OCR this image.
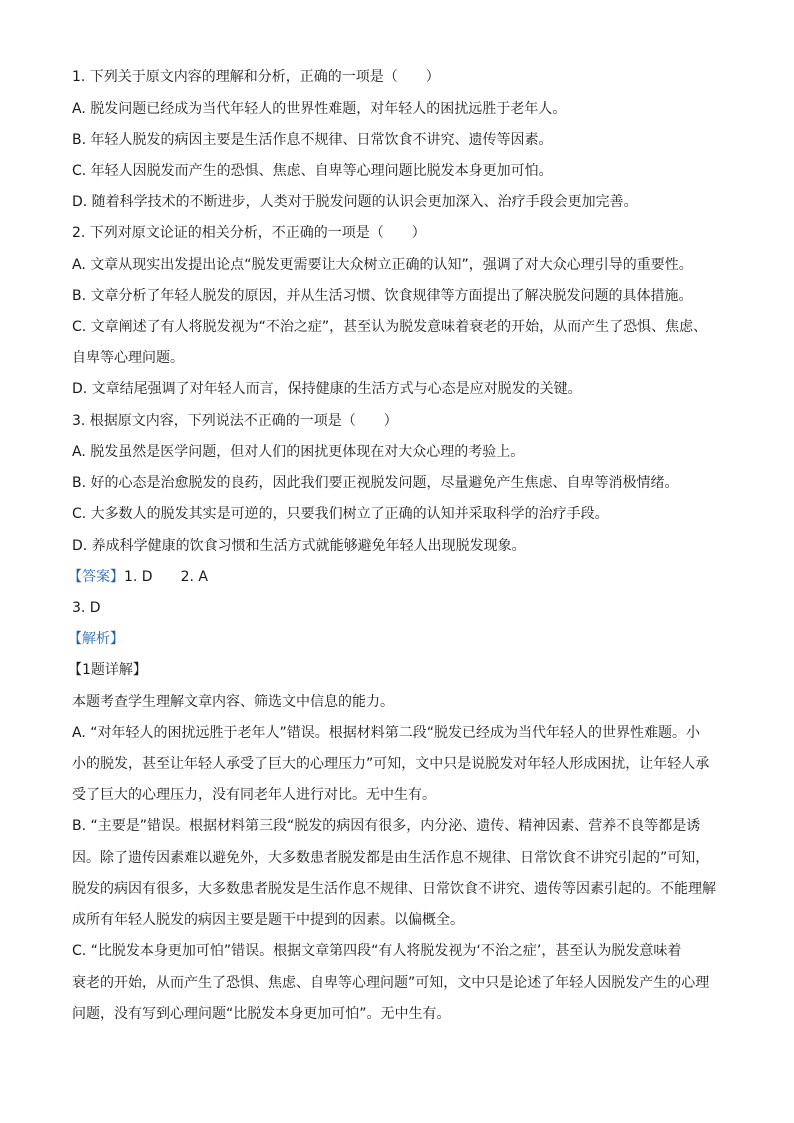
1. 下列关于原文内容的理解和分析，正确的一项是（　　）
A. 脱发问题已经成为当代年轻人的世界性难题，对年轻人的困扰远胜于老年人。
B. 年轻人脱发的病因主要是生活作息不规律、日常饮食不讲究、遗传等因素。
C. 年轻人因脱发而产生的恐惧、焦虑、自卑等心理问题比脱发本身更加可怕。
D. 随着科学技术的不断进步，人类对于脱发问题的认识会更加深入、治疗手段会更加完善。
2. 下列对原文论证的相关分析，不正确的一项是（　　）
A. 文章从现实出发提出论点“脱发更需要让大众树立正确的认知”，强调了对大众心理引导的重要性。
B. 文章分析了年轻人脱发的原因，并从生活习惯、饮食规律等方面提出了解决脱发问题的具体措施。
C. 文章阐述了有人将脱发视为“不治之症”，甚至认为脱发意味着衰老的开始，从而产生了恐惧、焦虑、
自卑等心理问题。
D. 文章结尾强调了对年轻人而言，保持健康的生活方式与心态是应对脱发的关键。
3. 根据原文内容，下列说法不正确的一项是（　　）
A. 脱发虽然是医学问题，但对人们的困扰更体现在对大众心理的考验上。
B. 好的心态是治愈脱发的良药，因此我们要正视脱发问题，尽量避免产生焦虑、自卑等消极情绪。
C. 大多数人的脱发其实是可逆的，只要我们树立了正确的认知并采取科学的治疗手段。
D. 养成科学健康的饮食习惯和生活方式就能够避免年轻人出现脱发现象。
【答案】1. D 2. A
3. D
【解析】
【1题详解】
本题考查学生理解文章内容、筛选文中信息的能力。
A. “对年轻人的困扰远胜于老年人”错误。根据材料第二段“脱发已经成为当代年轻人的世界性难题。小
小的脱发，甚至让年轻人承受了巨大的心理压力”可知，文中只是说脱发对年轻人形成困扰，让年轻人承
受了巨大的心理压力，没有同老年人进行对比。无中生有。
B. “主要是”错误。根据材料第三段“脱发的病因有很多，内分泌、遗传、精神因素、营养不良等都是诱
因。除了遗传因素难以避免外，大多数患者脱发都是由生活作息不规律、日常饮食不讲究引起的”可知，
脱发的病因有很多，大多数患者脱发是生活作息不规律、日常饮食不讲究、遗传等因素引起的。不能理解
成所有年轻人脱发的病因主要是题干中提到的因素。以偏概全。
C. “比脱发本身更加可怕”错误。根据文章第四段“有人将脱发视为‘不治之症’，甚至认为脱发意味着
衰老的开始，从而产生了恐惧、焦虑、自卑等心理问题”可知，文中只是论述了年轻人因脱发产生的心理
问题，没有写到心理问题“比脱发本身更加可怕”。无中生有。
